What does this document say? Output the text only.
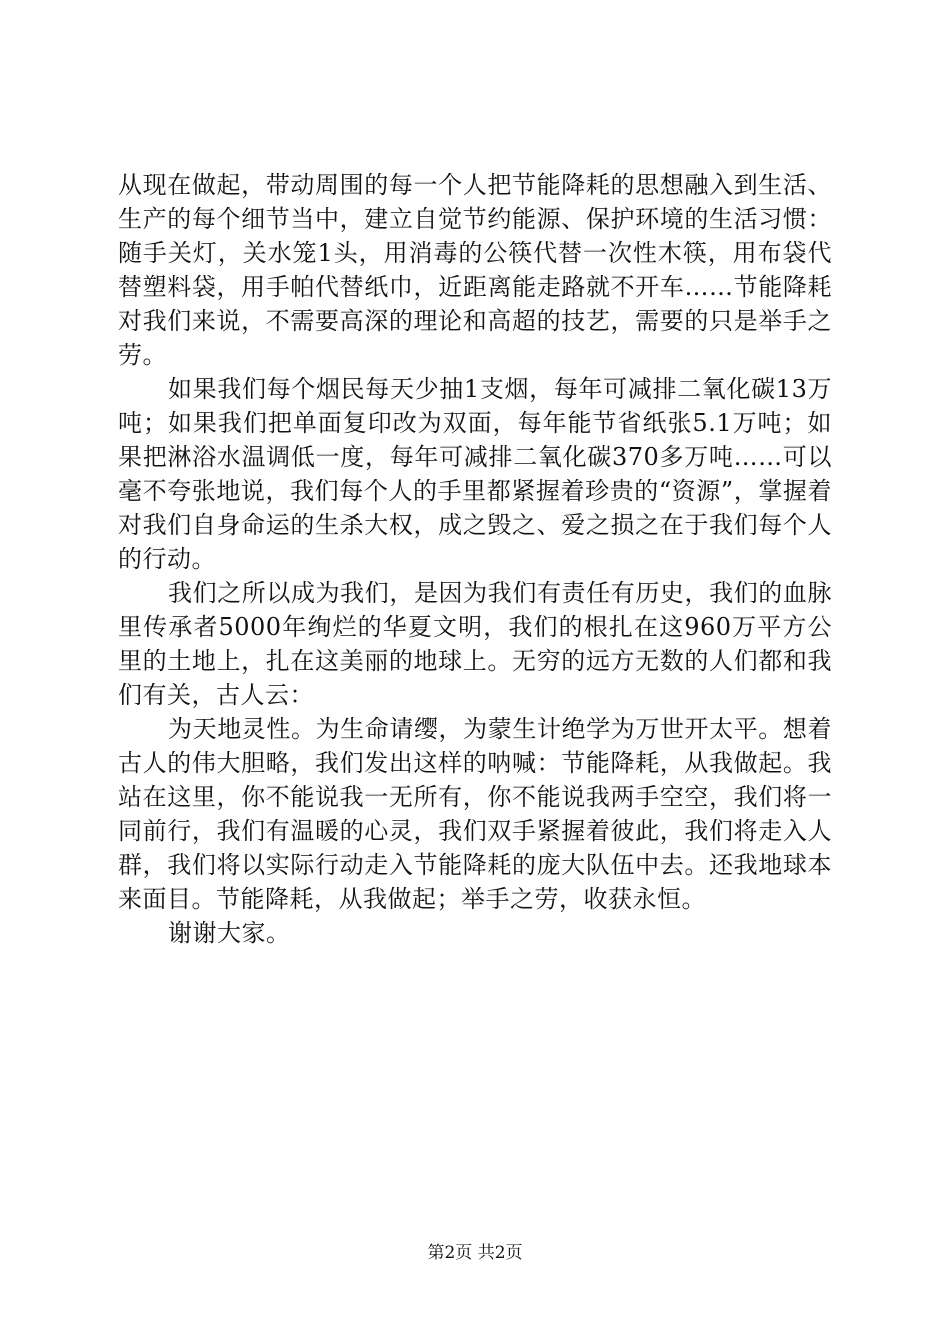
从现在做起，带动周围的每一个人把节能降耗的思想融入到生活、生产的每个细节当中，建立自觉节约能源、保护环境的生活习惯：随手关灯，关水笼1头，用消毒的公筷代替一次性木筷，用布袋代替塑料袋，用手帕代替纸巾，近距离能走路就不开车……节能降耗对我们来说，不需要高深的理论和高超的技艺，需要的只是举手之劳。

如果我们每个烟民每天少抽1支烟，每年可减排二氧化碳13万吨；如果我们把单面复印改为双面，每年能节省纸张5.1万吨；如果把淋浴水温调低一度，每年可减排二氧化碳370多万吨……可以毫不夸张地说，我们每个人的手里都紧握着珍贵的“资源”，掌握着对我们自身命运的生杀大权，成之毁之、爱之损之在于我们每个人的行动。

我们之所以成为我们，是因为我们有责任有历史，我们的血脉里传承者5000年绚烂的华夏文明，我们的根扎在这960万平方公里的土地上，扎在这美丽的地球上。无穷的远方无数的人们都和我们有关，古人云：

为天地灵性。为生命请缨，为蒙生计绝学为万世开太平。想着古人的伟大胆略，我们发出这样的呐喊：节能降耗，从我做起。我站在这里，你不能说我一无所有，你不能说我两手空空，我们将一同前行，我们有温暖的心灵，我们双手紧握着彼此，我们将走入人群，我们将以实际行动走入节能降耗的庞大队伍中去。还我地球本来面目。节能降耗，从我做起；举手之劳，收获永恒。

谢谢大家。

第2页 共2页
